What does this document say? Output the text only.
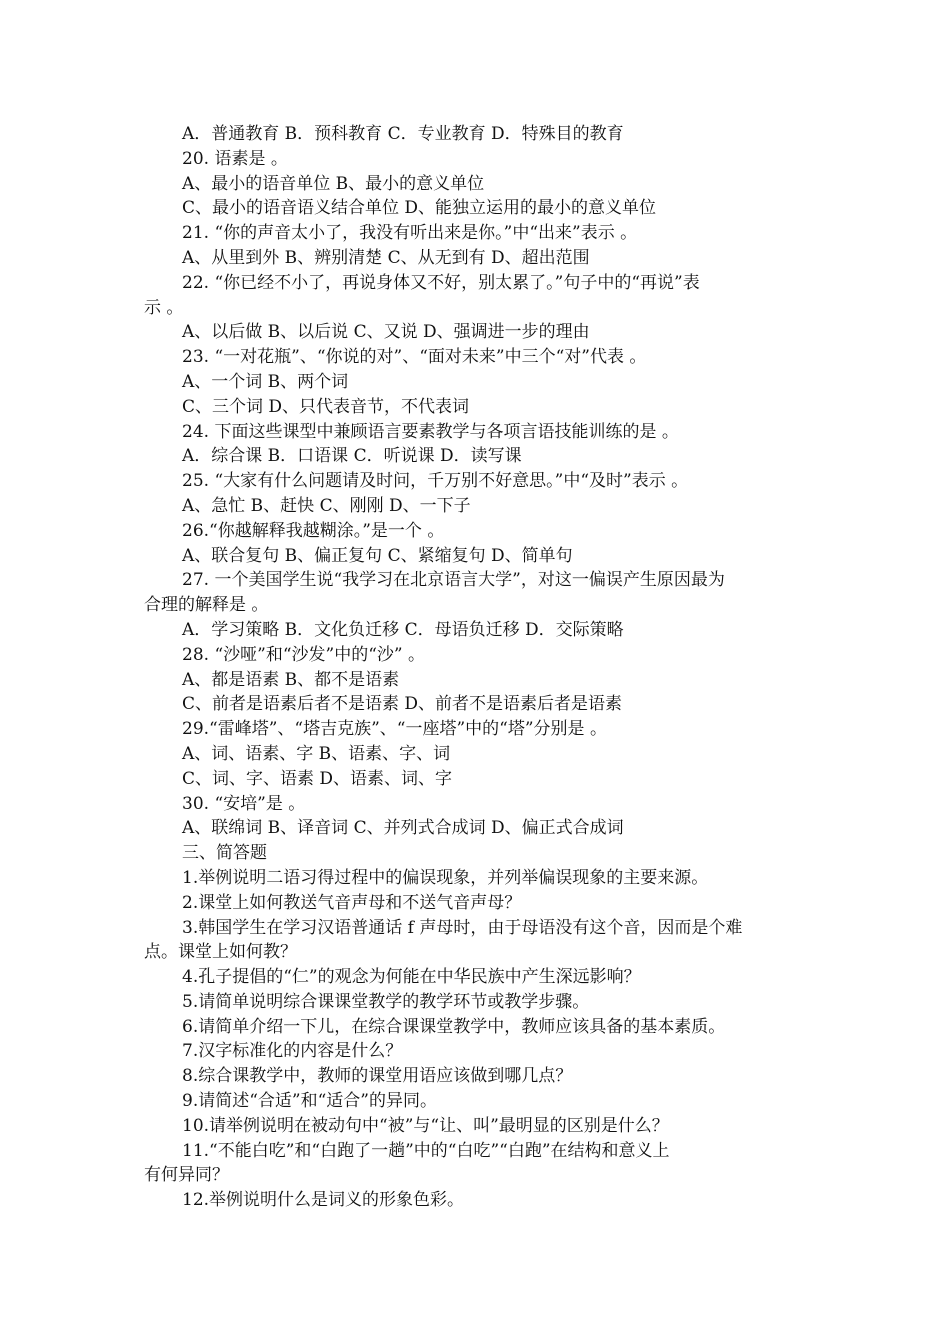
A．普通教育 B．预科教育 C．专业教育 D．特殊目的教育
20. 语素是 。
A、最小的语音单位 B、最小的意义单位
C、最小的语音语义结合单位 D、能独立运用的最小的意义单位
21. “你的声音太小了，我没有听出来是你。”中“出来”表示 。
A、从里到外 B、辨别清楚 C、从无到有 D、超出范围
22. “你已经不小了，再说身体又不好，别太累了。”句子中的“再说”表
示 。
A、以后做 B、以后说 C、又说 D、强调进一步的理由
23. “一对花瓶”、“你说的对”、“面对未来”中三个“对”代表 。
A、一个词 B、两个词
C、三个词 D、只代表音节，不代表词
24. 下面这些课型中兼顾语言要素教学与各项言语技能训练的是 。
A．综合课 B．口语课 C．听说课 D．读写课
25. “大家有什么问题请及时问，千万别不好意思。”中“及时”表示 。
A、急忙 B、赶快 C、刚刚 D、一下子
26.“你越解释我越糊涂。”是一个 。
A、联合复句 B、偏正复句 C、紧缩复句 D、简单句
27. 一个美国学生说“我学习在北京语言大学”，对这一偏误产生原因最为
合理的解释是 。
A．学习策略 B．文化负迁移 C．母语负迁移 D．交际策略
28. “沙哑”和“沙发”中的“沙” 。
A、都是语素 B、都不是语素
C、前者是语素后者不是语素 D、前者不是语素后者是语素
29.“雷峰塔”、“塔吉克族”、“一座塔”中的“塔”分别是 。
A、词、语素、字 B、语素、字、词
C、词、字、语素 D、语素、词、字
30. “安培”是 。
A、联绵词 B、译音词 C、并列式合成词 D、偏正式合成词
三、简答题
1.举例说明二语习得过程中的偏误现象，并列举偏误现象的主要来源。
2.课堂上如何教送气音声母和不送气音声母？
3.韩国学生在学习汉语普通话 f 声母时，由于母语没有这个音，因而是个难
点。课堂上如何教？
4.孔子提倡的“仁”的观念为何能在中华民族中产生深远影响？
5.请简单说明综合课课堂教学的教学环节或教学步骤。
6.请简单介绍一下儿，在综合课课堂教学中，教师应该具备的基本素质。
7.汉字标准化的内容是什么？
8.综合课教学中，教师的课堂用语应该做到哪几点？
9.请简述“合适”和“适合”的异同。
10.请举例说明在被动句中“被”与“让、叫”最明显的区别是什么？
11.“不能白吃”和“白跑了一趟”中的“白吃”“白跑”在结构和意义上
有何异同？
12.举例说明什么是词义的形象色彩。
